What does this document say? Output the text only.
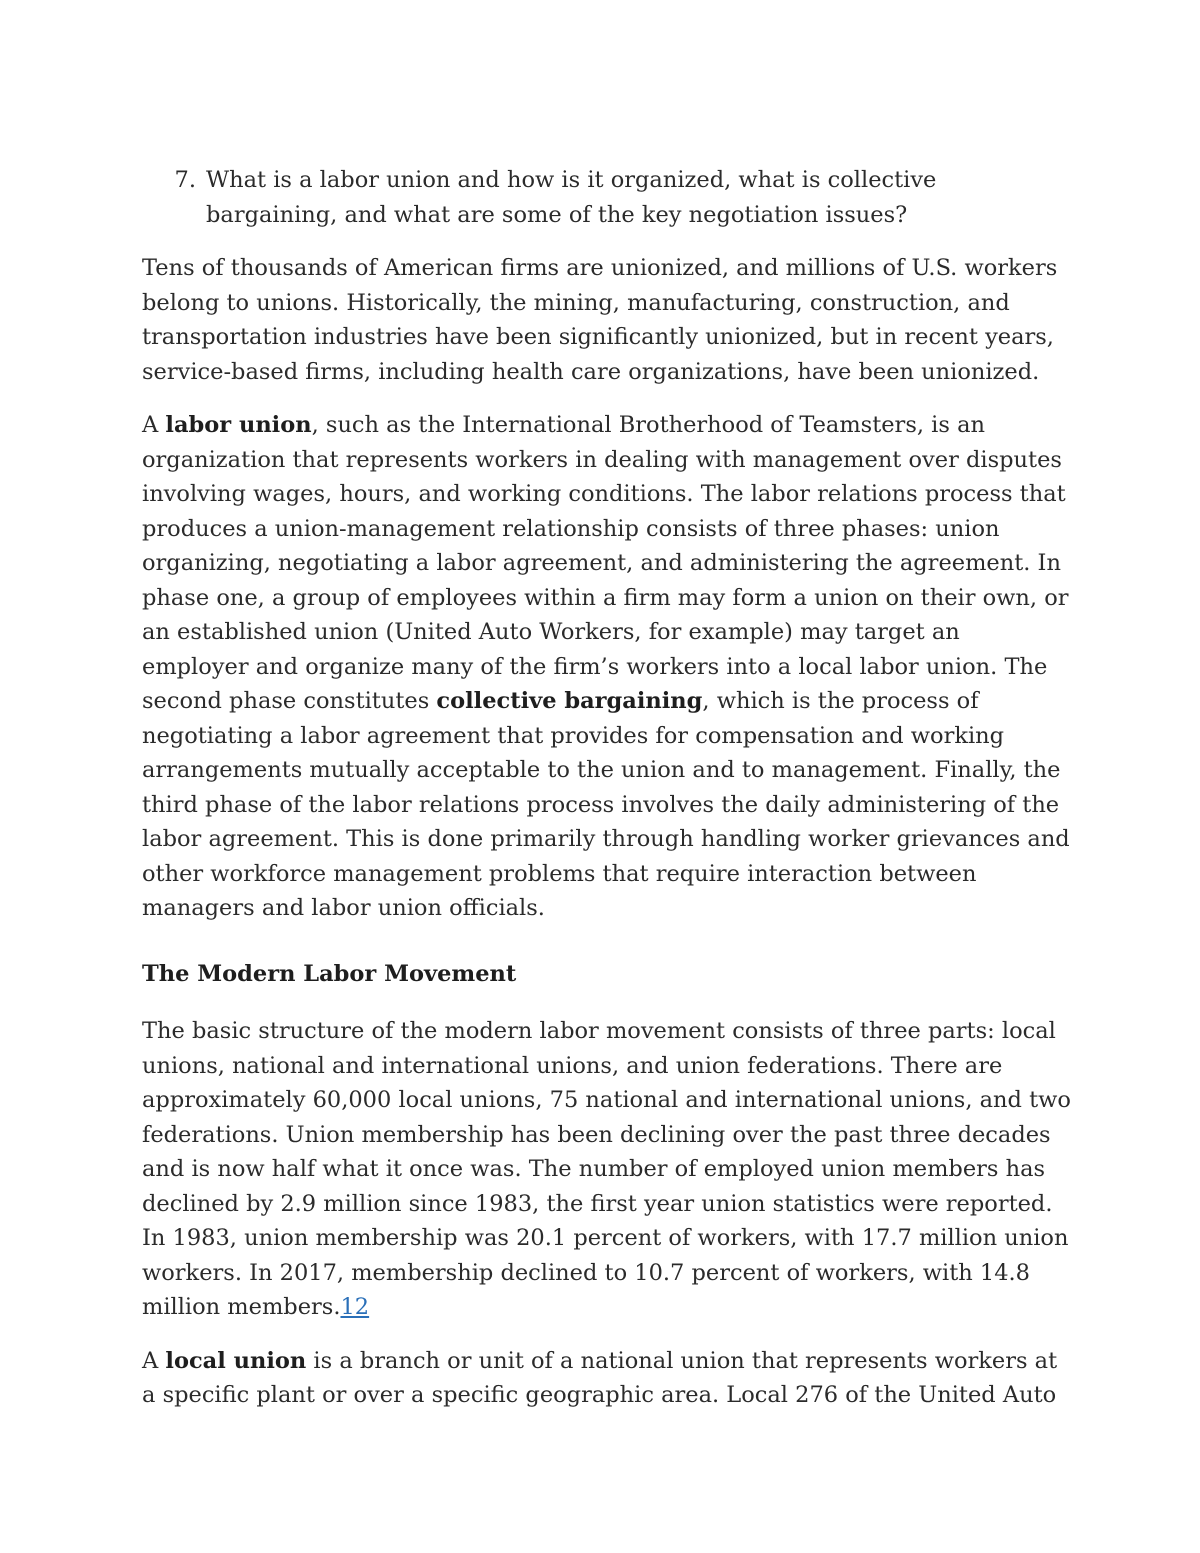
7. What is a labor union and how is it organized, what is collective bargaining, and what are some of the key negotiation issues?

Tens of thousands of American firms are unionized, and millions of U.S. workers belong to unions. Historically, the mining, manufacturing, construction, and transportation industries have been significantly unionized, but in recent years, service-based firms, including health care organizations, have been unionized.

A labor union, such as the International Brotherhood of Teamsters, is an organization that represents workers in dealing with management over disputes involving wages, hours, and working conditions. The labor relations process that produces a union-management relationship consists of three phases: union organizing, negotiating a labor agreement, and administering the agreement. In phase one, a group of employees within a firm may form a union on their own, or an established union (United Auto Workers, for example) may target an employer and organize many of the firm’s workers into a local labor union. The second phase constitutes collective bargaining, which is the process of negotiating a labor agreement that provides for compensation and working arrangements mutually acceptable to the union and to management. Finally, the third phase of the labor relations process involves the daily administering of the labor agreement. This is done primarily through handling worker grievances and other workforce management problems that require interaction between managers and labor union officials.

The Modern Labor Movement

The basic structure of the modern labor movement consists of three parts: local unions, national and international unions, and union federations. There are approximately 60,000 local unions, 75 national and international unions, and two federations. Union membership has been declining over the past three decades and is now half what it once was. The number of employed union members has declined by 2.9 million since 1983, the first year union statistics were reported. In 1983, union membership was 20.1 percent of workers, with 17.7 million union workers. In 2017, membership declined to 10.7 percent of workers, with 14.8 million members.12

A local union is a branch or unit of a national union that represents workers at a specific plant or over a specific geographic area. Local 276 of the United Auto
